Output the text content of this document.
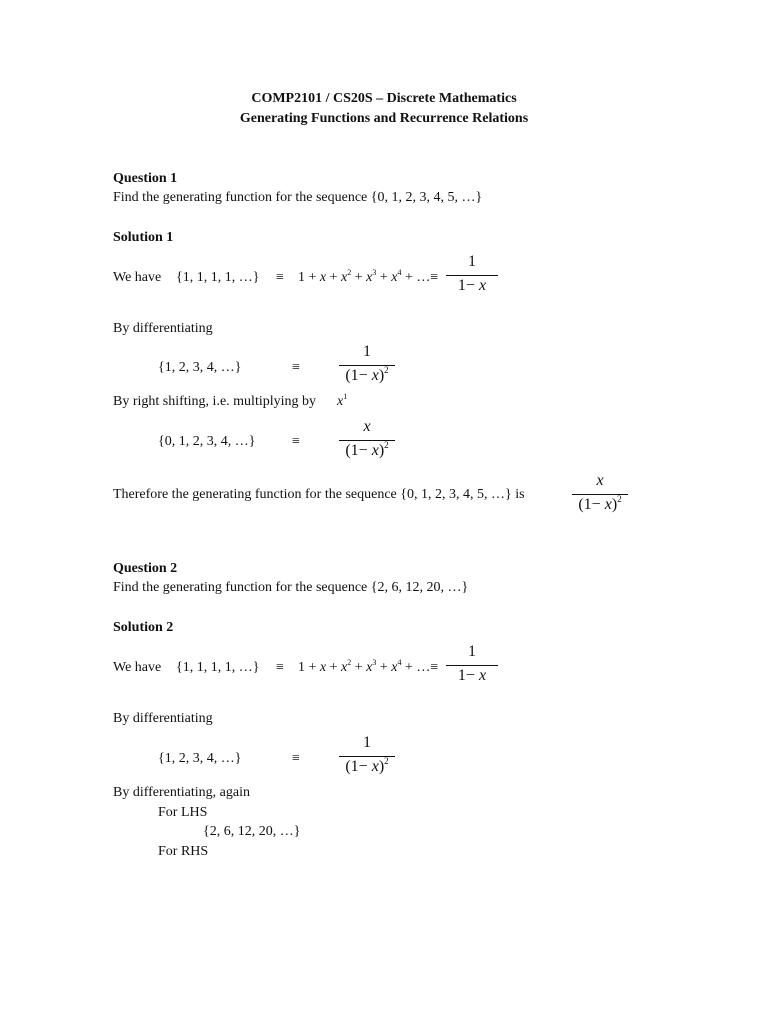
COMP2101 / CS20S – Discrete Mathematics
Generating Functions and Recurrence Relations
Question 1
Find the generating function for the sequence {0, 1, 2, 3, 4, 5, …}
Solution 1
We have {1, 1, 1, 1, …} ≡ $1 + x + x^2 + x^3 + x^4$ + …≡
1
1− x
By differentiating
{1, 2, 3, 4, …}	≡
1
$(1- x)^2$
By right shifting, i.e. multiplying by $x^1$
{0, 1, 2, 3, 4, …}	≡
x
$(1- x)^2$
Therefore the generating function for the sequence {0, 1, 2, 3, 4, 5, …} is
x
$(1- x)^2$
Question 2
Find the generating function for the sequence {2, 6, 12, 20, …}
Solution 2
We have {1, 1, 1, 1, …} ≡ $1 + x + x^2 + x^3 + x^4$ + …≡
1
1− x
By differentiating
{1, 2, 3, 4, …}	≡
1
$(1- x)^2$
By differentiating, again
For LHS
{2, 6, 12, 20, …}
For RHS
